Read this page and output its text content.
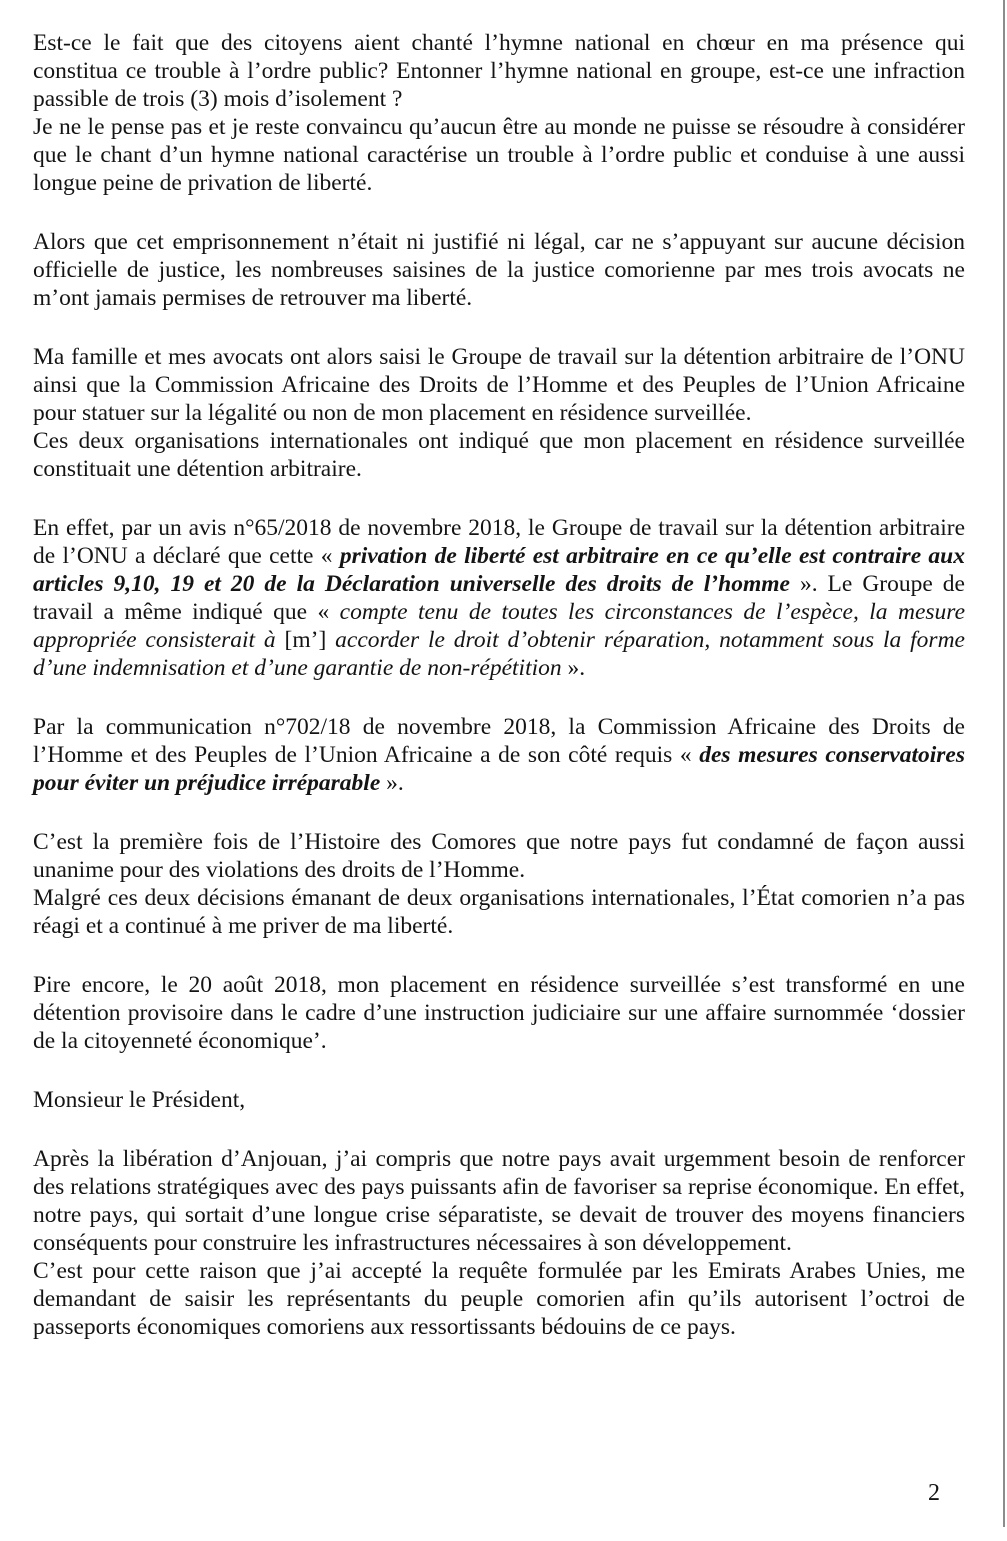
Est-ce le fait que des citoyens aient chanté l’hymne national en chœur en ma présence qui constitua ce trouble à l’ordre public? Entonner l’hymne national en groupe, est-ce une infraction passible de trois (3) mois d’isolement ?

Je ne le pense pas et je reste convaincu qu’aucun être au monde ne puisse se résoudre à considérer que le chant d’un hymne national caractérise un trouble à l’ordre public et conduise à une aussi longue peine de privation de liberté.

Alors que cet emprisonnement n’était ni justifié ni légal, car ne s’appuyant sur aucune décision officielle de justice, les nombreuses saisines de la justice comorienne par mes trois avocats ne m’ont jamais permises de retrouver ma liberté.

Ma famille et mes avocats ont alors saisi le Groupe de travail sur la détention arbitraire de l’ONU ainsi que la Commission Africaine des Droits de l’Homme et des Peuples de l’Union Africaine pour statuer sur la légalité ou non de mon placement en résidence surveillée.

Ces deux organisations internationales ont indiqué que mon placement en résidence surveillée constituait une détention arbitraire.

En effet, par un avis n°65/2018 de novembre 2018, le Groupe de travail sur la détention arbitraire de l’ONU a déclaré que cette « privation de liberté est arbitraire en ce qu’elle est contraire aux articles 9,10, 19 et 20 de la Déclaration universelle des droits de l’homme ». Le Groupe de travail a même indiqué que « compte tenu de toutes les circonstances de l’espèce, la mesure appropriée consisterait à [m’] accorder le droit d’obtenir réparation, notamment sous la forme d’une indemnisation et d’une garantie de non-répétition ».

Par la communication n°702/18 de novembre 2018, la Commission Africaine des Droits de l’Homme et des Peuples de l’Union Africaine a de son côté requis « des mesures conservatoires pour éviter un préjudice irréparable ».

C’est la première fois de l’Histoire des Comores que notre pays fut condamné de façon aussi unanime pour des violations des droits de l’Homme.

Malgré ces deux décisions émanant de deux organisations internationales, l’État comorien n’a pas réagi et a continué à me priver de ma liberté.

Pire encore, le 20 août 2018, mon placement en résidence surveillée s’est transformé en une détention provisoire dans le cadre d’une instruction judiciaire sur une affaire surnommée ‘dossier de la citoyenneté économique’.

Monsieur le Président,

Après la libération d’Anjouan, j’ai compris que notre pays avait urgemment besoin de renforcer des relations stratégiques avec des pays puissants afin de favoriser sa reprise économique. En effet, notre pays, qui sortait d’une longue crise séparatiste, se devait de trouver des moyens financiers conséquents pour construire les infrastructures nécessaires à son développement.

C’est pour cette raison que j’ai accepté la requête formulée par les Emirats Arabes Unies, me demandant de saisir les représentants du peuple comorien afin qu’ils autorisent l’octroi de passeports économiques comoriens aux ressortissants bédouins de ce pays.

2
